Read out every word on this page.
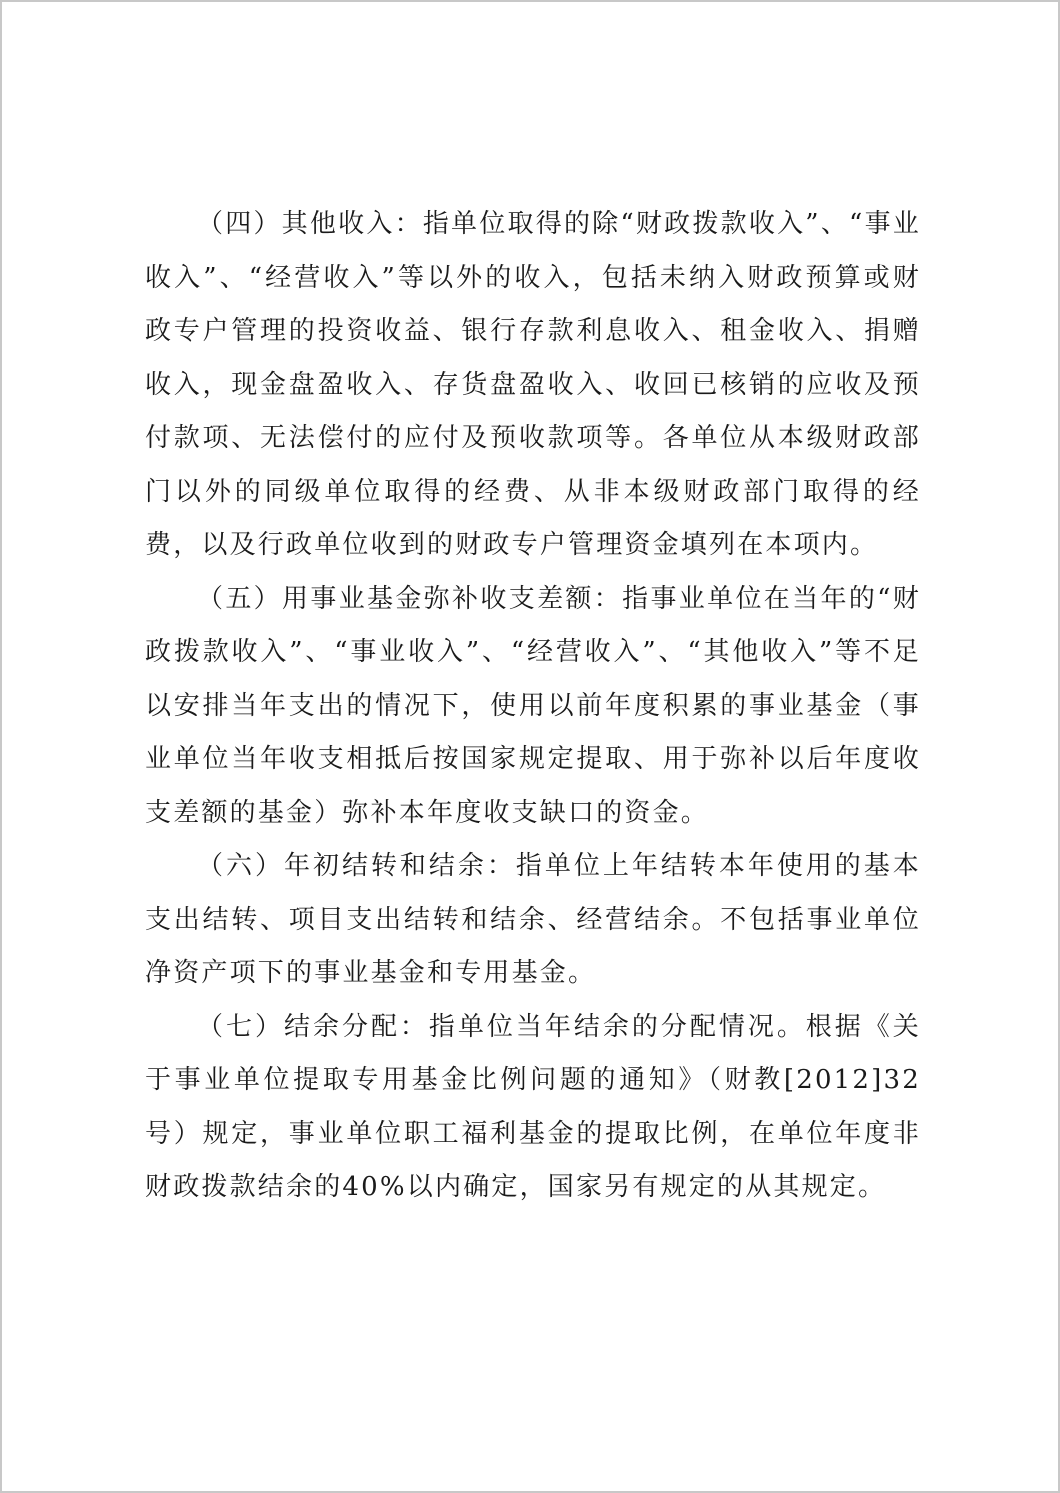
（四）其他收入：指单位取得的除“财政拨款收入”、“事业收入”、“经营收入”等以外的收入，包括未纳入财政预算或财政专户管理的投资收益、银行存款利息收入、租金收入、捐赠收入，现金盘盈收入、存货盘盈收入、收回已核销的应收及预付款项、无法偿付的应付及预收款项等。各单位从本级财政部门以外的同级单位取得的经费、从非本级财政部门取得的经费，以及行政单位收到的财政专户管理资金填列在本项内。

（五）用事业基金弥补收支差额：指事业单位在当年的“财政拨款收入”、“事业收入”、“经营收入”、“其他收入”等不足以安排当年支出的情况下，使用以前年度积累的事业基金（事业单位当年收支相抵后按国家规定提取、用于弥补以后年度收支差额的基金）弥补本年度收支缺口的资金。

（六）年初结转和结余：指单位上年结转本年使用的基本支出结转、项目支出结转和结余、经营结余。不包括事业单位净资产项下的事业基金和专用基金。

（七）结余分配：指单位当年结余的分配情况。根据《关于事业单位提取专用基金比例问题的通知》（财教[2012]32号）规定，事业单位职工福利基金的提取比例，在单位年度非财政拨款结余的40%以内确定，国家另有规定的从其规定。
